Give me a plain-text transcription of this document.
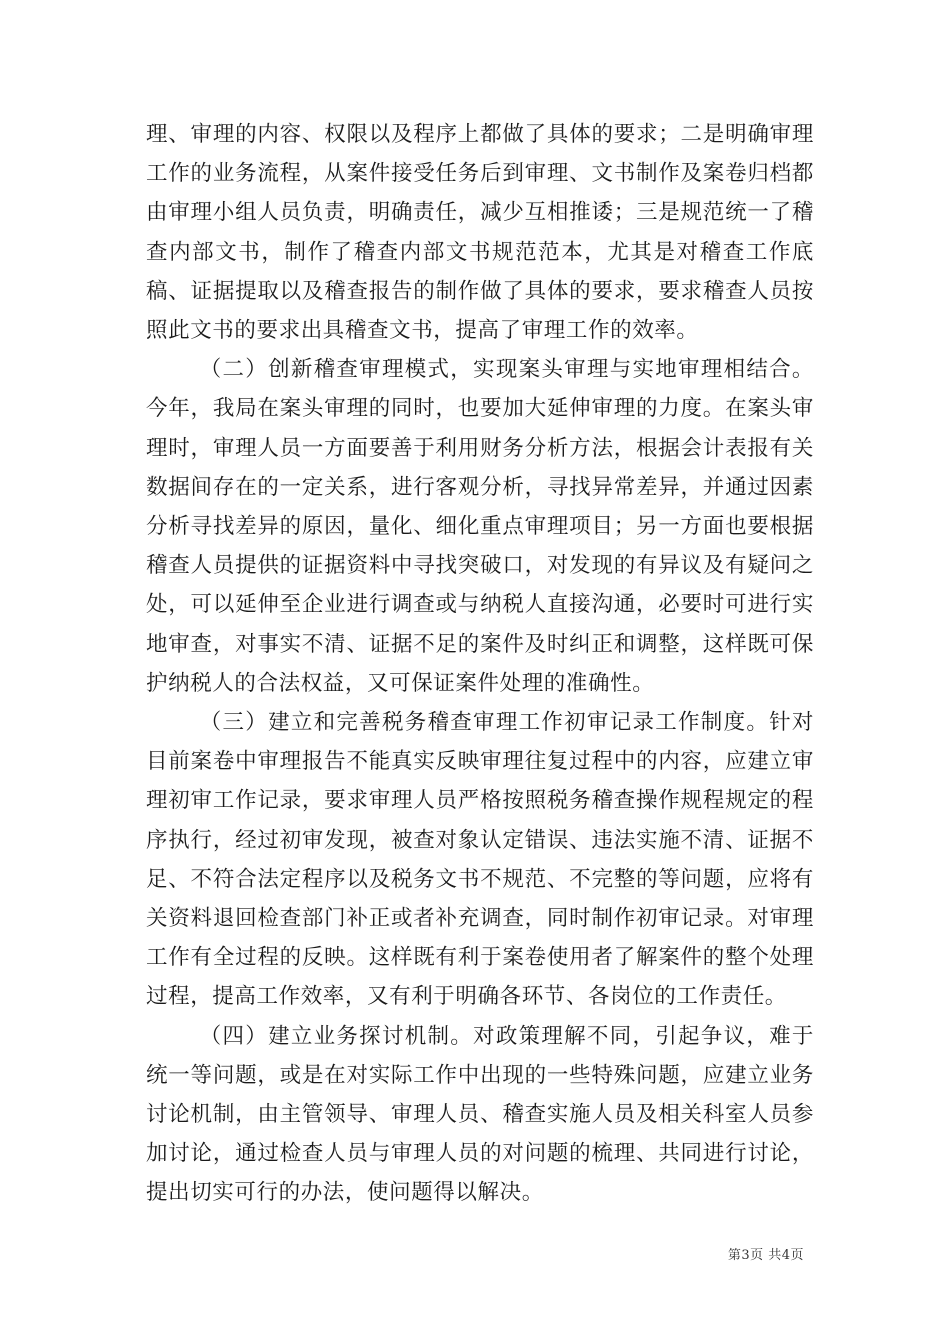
理、审理的内容、权限以及程序上都做了具体的要求；二是明确审理工作的业务流程，从案件接受任务后到审理、文书制作及案卷归档都由审理小组人员负责，明确责任，减少互相推诿；三是规范统一了稽查内部文书，制作了稽查内部文书规范范本，尤其是对稽查工作底稿、证据提取以及稽查报告的制作做了具体的要求，要求稽查人员按照此文书的要求出具稽查文书，提高了审理工作的效率。

（二）创新稽查审理模式，实现案头审理与实地审理相结合。今年，我局在案头审理的同时，也要加大延伸审理的力度。在案头审理时，审理人员一方面要善于利用财务分析方法，根据会计表报有关数据间存在的一定关系，进行客观分析，寻找异常差异，并通过因素分析寻找差异的原因，量化、细化重点审理项目；另一方面也要根据稽查人员提供的证据资料中寻找突破口，对发现的有异议及有疑问之处，可以延伸至企业进行调查或与纳税人直接沟通，必要时可进行实地审查，对事实不清、证据不足的案件及时纠正和调整，这样既可保护纳税人的合法权益，又可保证案件处理的准确性。

（三）建立和完善税务稽查审理工作初审记录工作制度。针对目前案卷中审理报告不能真实反映审理往复过程中的内容，应建立审理初审工作记录，要求审理人员严格按照税务稽查操作规程规定的程序执行，经过初审发现，被查对象认定错误、违法实施不清、证据不足、不符合法定程序以及税务文书不规范、不完整的等问题，应将有关资料退回检查部门补正或者补充调查，同时制作初审记录。对审理工作有全过程的反映。这样既有利于案卷使用者了解案件的整个处理过程，提高工作效率，又有利于明确各环节、各岗位的工作责任。

（四）建立业务探讨机制。对政策理解不同，引起争议，难于统一等问题，或是在对实际工作中出现的一些特殊问题，应建立业务讨论机制，由主管领导、审理人员、稽查实施人员及相关科室人员参加讨论，通过检查人员与审理人员的对问题的梳理、共同进行讨论，提出切实可行的办法，使问题得以解决。

第3页 共4页
